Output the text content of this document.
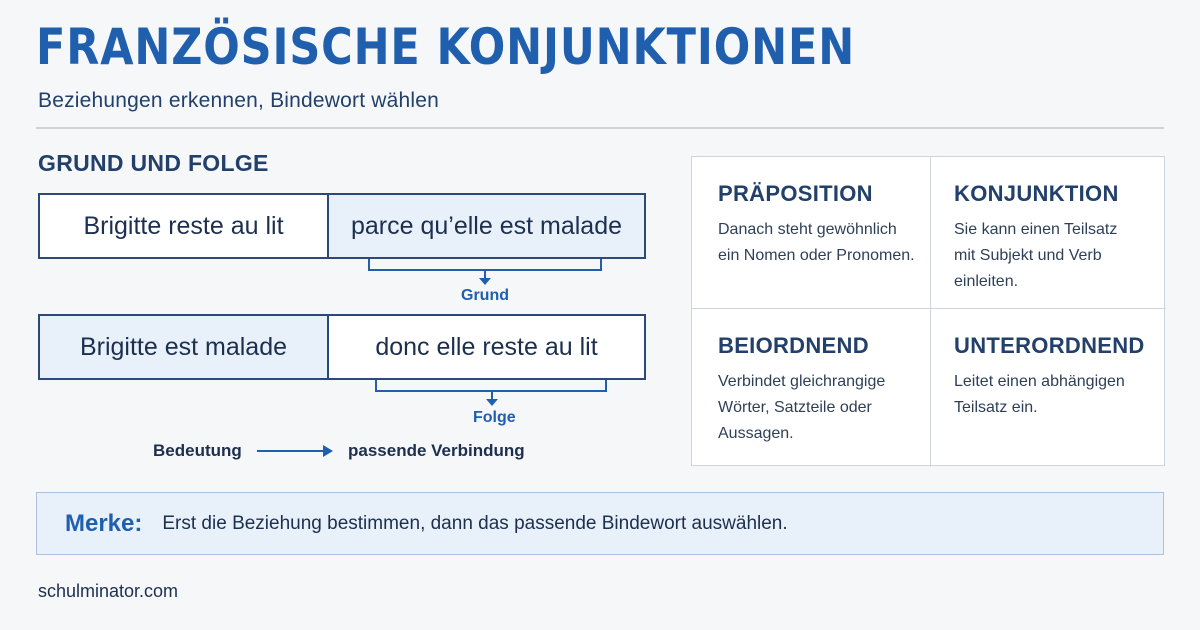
FRANZÖSISCHE KONJUNKTIONEN
Beziehungen erkennen, Bindewort wählen
GRUND UND FOLGE
Brigitte reste au lit	parce qu’elle est malade
Grund
Brigitte est malade	donc elle reste au lit
Folge
Bedeutung	passende Verbindung
PRÄPOSITION
Danach steht gewöhnlich ein Nomen oder Pronomen.
KONJUNKTION
Sie kann einen Teilsatz mit Subjekt und Verb einleiten.
BEIORDNEND
Verbindet gleichrangige Wörter, Satzteile oder Aussagen.
UNTERORDNEND
Leitet einen abhängigen Teilsatz ein.
Merke: Erst die Beziehung bestimmen, dann das passende Bindewort auswählen.
schulminator.com
